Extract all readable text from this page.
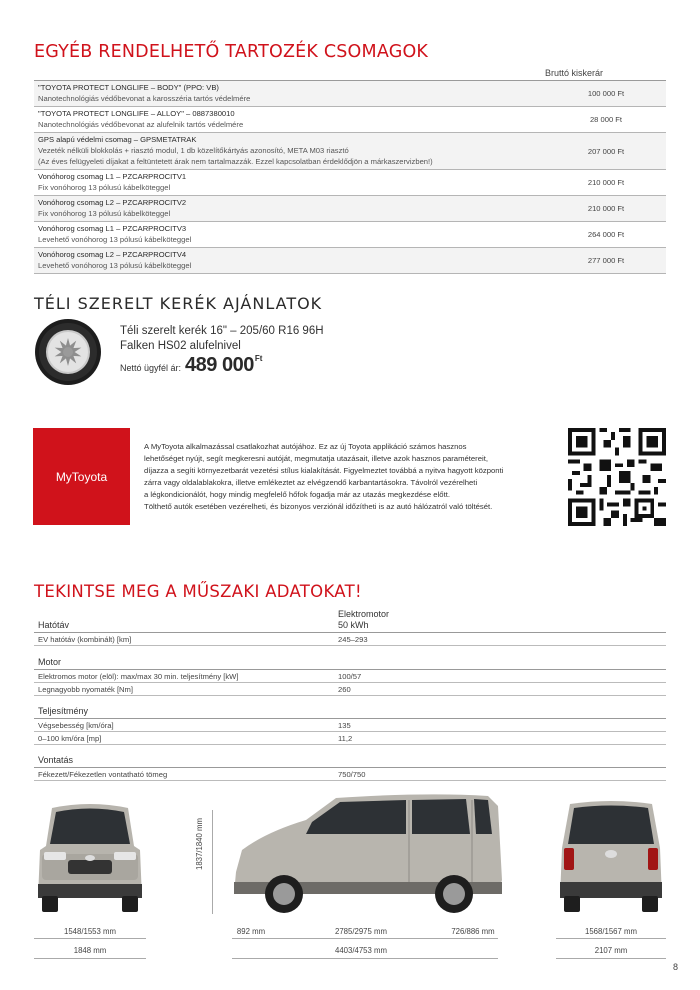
EGYÉB RENDELHETŐ TARTOZÉK CSOMAGOK
Bruttó kiskerár
"TOYOTA PROTECT LONGLIFE – BODY" (PPO: VB)
Nanotechnológiás védőbevonat a karosszéria tartós védelmére
100 000 Ft
"TOYOTA PROTECT LONGLIFE – ALLOY" – 0887380010
Nanotechnológiás védőbevonat az alufelnik tartós védelmére
28 000 Ft
GPS alapú védelmi csomag – GPSMETATRAK
Vezeték nélküli blokkolás + riasztó modul, 1 db közelítőkártyás azonosító, META M03 riasztó
(Az éves felügyeleti díjakat a feltüntetett árak nem tartalmazzák. Ezzel kapcsolatban érdeklődjön a márkaszervizben!)
207 000 Ft
Vonóhorog csomag L1 – PZCARPROCITV1
Fix vonóhorog 13 pólusú kábelköteggel
210 000 Ft
Vonóhorog csomag L2 – PZCARPROCITV2
Fix vonóhorog 13 pólusú kábelköteggel
210 000 Ft
Vonóhorog csomag L1 – PZCARPROCITV3
Levehető vonóhorog 13 pólusú kábelköteggel
264 000 Ft
Vonóhorog csomag L2 – PZCARPROCITV4
Levehető vonóhorog 13 pólusú kábelköteggel
277 000 Ft
TÉLI SZERELT KERÉK AJÁNLATOK
Téli szerelt kerék 16" – 205/60 R16 96H
Falken HS02 alufelnivel
Nettó ügyfél ár: 489 000 Ft
MyToyota
A MyToyota alkalmazással csatlakozhat autójához. Ez az új Toyota applikáció számos hasznos
lehetőséget nyújt, segít megkeresni autóját, megmutatja utazásait, illetve azok hasznos paramétereit,
díjazza a segíti környezetbarát vezetési stílus kialakítását. Figyelmeztet továbbá a nyitva hagyott központi
zárra vagy oldalablakokra, illetve emlékeztet az elvégzendő karbantartásokra. Távolról vezérelheti
a légkondicionálót, hogy mindig megfelelő hőfok fogadja már az utazás megkezdése előtt.
Tölthető autók esetében vezérelheti, és bizonyos verziónál időzítheti is az autó hálózatról való töltését.
TEKINTSE MEG A MŰSZAKI ADATOKAT!
Elektromotor
50 kWh
Hatótáv
EV hatótáv (kombinált) [km]	245–293
Motor
Elektromos motor (elöl): max/max 30 min. teljesítmény [kW]	100/57
Legnagyobb nyomaték [Nm]	260
Teljesítmény
Végsebesség [km/óra]	135
0–100 km/óra [mp]	11,2
Vontatás
Fékezett/Fékezetlen vontatható tömeg	750/750
1548/1553 mm
1848 mm
1837/1840 mm
892 mm	2785/2975 mm	726/886 mm
4403/4753 mm
1568/1567 mm
2107 mm
8
